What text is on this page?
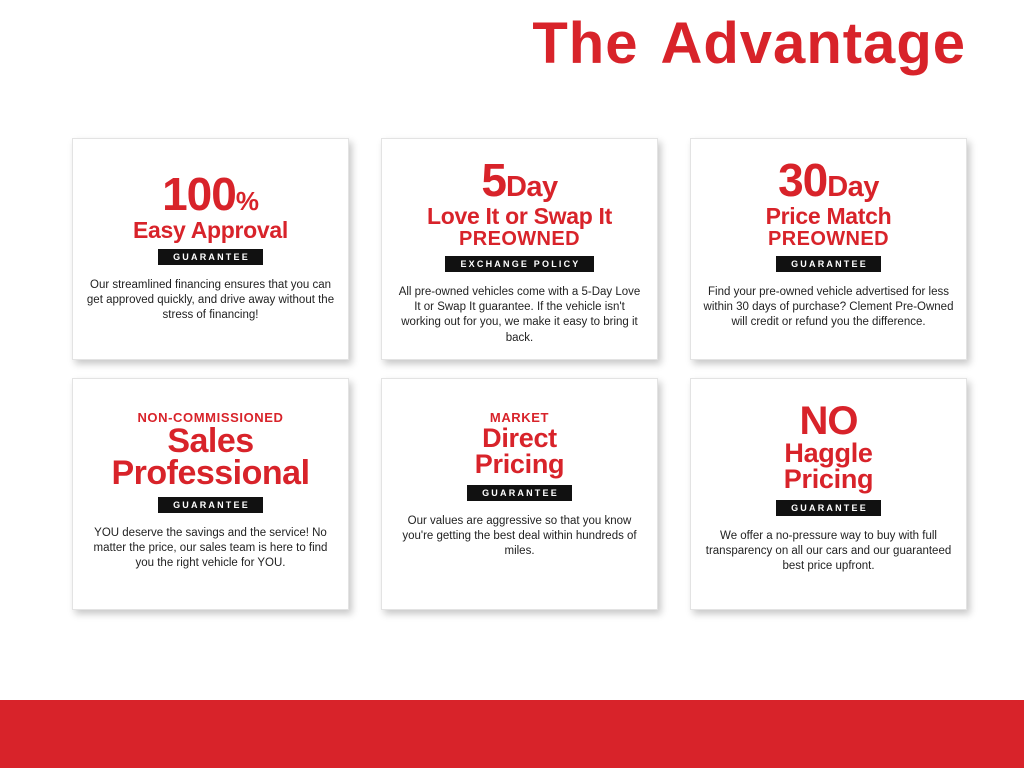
The Advantage
100%
Easy Approval
GUARANTEE
Our streamlined financing ensures that you can get approved quickly, and drive away without the stress of financing!
5Day
Love It or Swap It
PREOWNED
EXCHANGE POLICY
All pre-owned vehicles come with a 5-Day Love It or Swap It guarantee. If the vehicle isn't working out for you, we make it easy to bring it back.
30Day
Price Match
PREOWNED
GUARANTEE
Find your pre-owned vehicle advertised for less within 30 days of purchase? Clement Pre-Owned will credit or refund you the difference.
NON-COMMISSIONED
Sales
Professional
GUARANTEE
YOU deserve the savings and the service! No matter the price, our sales team is here to find you the right vehicle for YOU.
MARKET
Direct
Pricing
GUARANTEE
Our values are aggressive so that you know you're getting the best deal within hundreds of miles.
NO
Haggle
Pricing
GUARANTEE
We offer a no-pressure way to buy with full transparency on all our cars and our guaranteed best price upfront.
